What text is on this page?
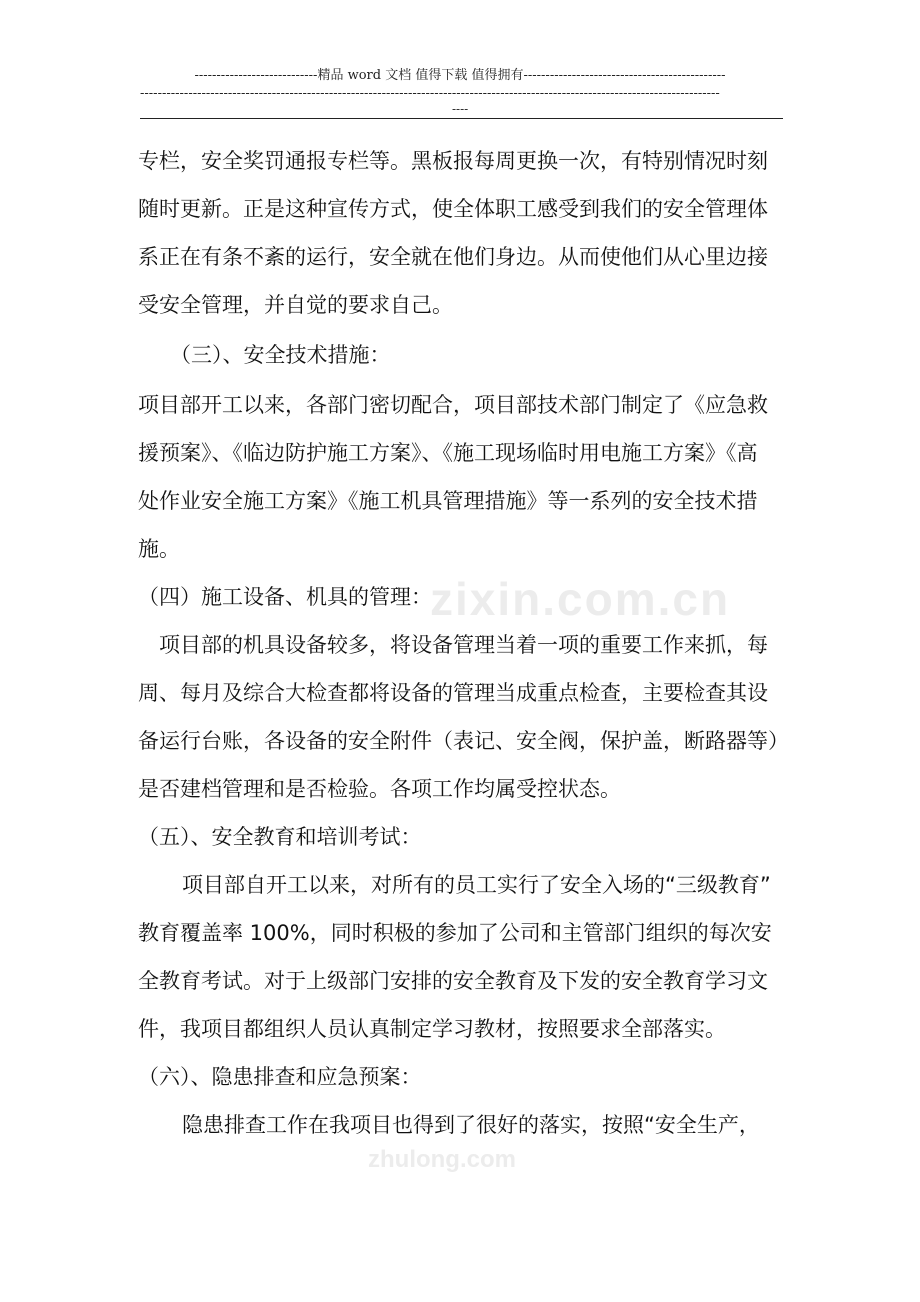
----------------------------精品 word 文档 值得下载 值得拥有----------------------------------------------
------------------------------------------------------------------------------------------------------------------------------------
----
zixin.com.cn
zhulong.com
专栏，安全奖罚通报专栏等。黑板报每周更换一次，有特别情况时刻
随时更新。正是这种宣传方式，使全体职工感受到我们的安全管理体
系正在有条不紊的运行，安全就在他们身边。从而使他们从心里边接
受安全管理，并自觉的要求自己。
（三）、安全技术措施：
项目部开工以来，各部门密切配合，项目部技术部门制定了《应急救
援预案》、《临边防护施工方案》、《施工现场临时用电施工方案》《高
处作业安全施工方案》《施工机具管理措施》等一系列的安全技术措
施。
（四）施工设备、机具的管理：
项目部的机具设备较多，将设备管理当着一项的重要工作来抓，每
周、每月及综合大检查都将设备的管理当成重点检查，主要检查其设
备运行台账，各设备的安全附件（表记、安全阀，保护盖，断路器等）
是否建档管理和是否检验。各项工作均属受控状态。
（五）、安全教育和培训考试：
项目部自开工以来，对所有的员工实行了安全入场的“三级教育”
教育覆盖率 100%，同时积极的参加了公司和主管部门组织的每次安
全教育考试。对于上级部门安排的安全教育及下发的安全教育学习文
件，我项目都组织人员认真制定学习教材，按照要求全部落实。
（六）、隐患排查和应急预案：
隐患排查工作在我项目也得到了很好的落实，按照“安全生产，
